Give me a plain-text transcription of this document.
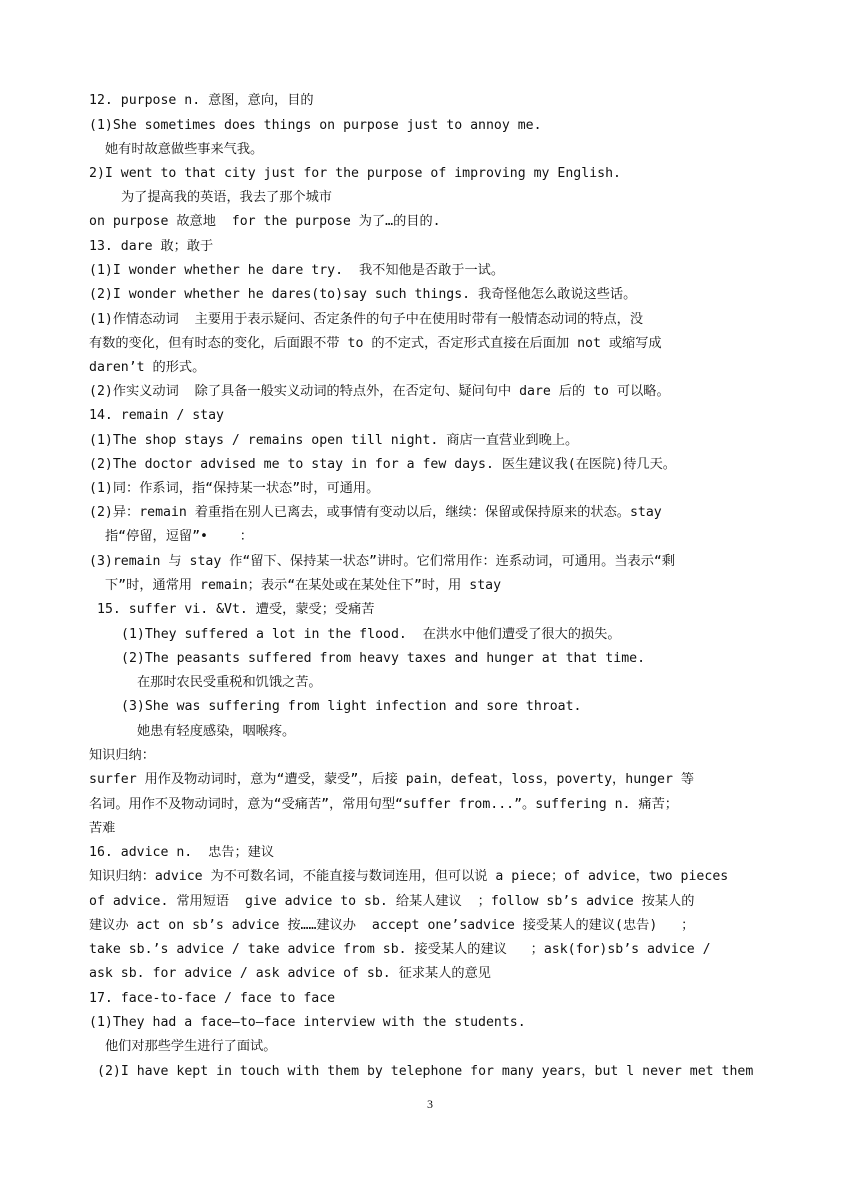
12. purpose n. 意图，意向，目的
(1)She sometimes does things on purpose just to annoy me.
她有时故意做些事来气我。
2)I went to that city just for the purpose of improving my English.
为了提高我的英语，我去了那个城市
on purpose 故意地  for the purpose 为了…的目的.
13. dare 敢；敢于
(1)I wonder whether he dare try.  我不知他是否敢于一试。
(2)I wonder whether he dares(to)say such things. 我奇怪他怎么敢说这些话。
(1)作情态动词  主要用于表示疑问、否定条件的句子中在使用时带有一般情态动词的特点，没
有数的变化，但有时态的变化，后面跟不带 to 的不定式，否定形式直接在后面加 not 或缩写成
daren’t 的形式。
(2)作实义动词  除了具备一般实义动词的特点外，在否定句、疑问句中 dare 后的 to 可以略。
14. remain / stay
(1)The shop stays / remains open till night. 商店一直营业到晚上。
(2)The doctor advised me to stay in for a few days. 医生建议我(在医院)待几天。
(1)同：作系词，指“保持某一状态”时，可通用。
(2)异：remain 着重指在别人已离去，或事情有变动以后，继续：保留或保持原来的状态。stay
指“停留，逗留”•    ：
(3)remain 与 stay 作“留下、保持某一状态”讲时。它们常用作：连系动词，可通用。当表示“剩
下”时，通常用 remain；表示“在某处或在某处住下”时，用 stay
15. suffer vi. &Vt. 遭受，蒙受；受痛苦
(1)They suffered a lot in the flood.  在洪水中他们遭受了很大的损失。
(2)The peasants suffered from heavy taxes and hunger at that time.
在那时农民受重税和饥饿之苦。
(3)She was suffering from light infection and sore throat.
她患有轻度感染，咽喉疼。
知识归纳：
surfer 用作及物动词时，意为“遭受，蒙受”，后接 pain，defeat，loss，poverty，hunger 等
名词。用作不及物动词时，意为“受痛苦”，常用句型“suffer from...”。suffering n. 痛苦；
苦难
16. advice n.  忠告；建议
知识归纳：advice 为不可数名词，不能直接与数词连用，但可以说 a piece；of advice，two pieces
of advice. 常用短语  give advice to sb. 给某人建议  ；follow sb’s advice 按某人的
建议办 act on sb’s advice 按……建议办  accept one’sadvice 接受某人的建议(忠告)   ；
take sb.’s advice / take advice from sb. 接受某人的建议   ；ask(for)sb’s advice /
ask sb. for advice / ask advice of sb. 征求某人的意见
17. face-to-face / face to face
(1)They had a face—to—face interview with the students.
他们对那些学生进行了面试。
(2)I have kept in touch with them by telephone for many years，but l never met them
3
